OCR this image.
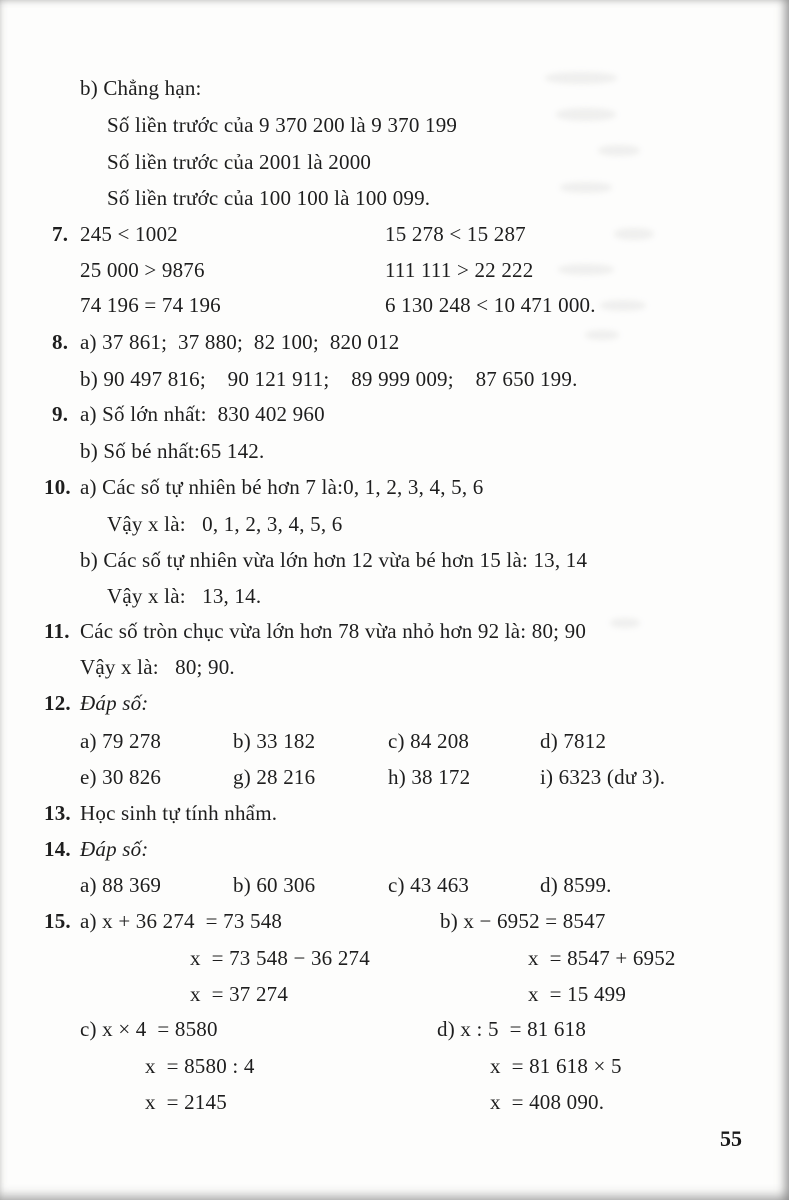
b) Chẳng hạn:
Số liền trước của 9 370 200 là 9 370 199
Số liền trước của 2001 là 2000
Số liền trước của 100 100 là 100 099.
7. 245 < 1002	15 278 < 15 287
25 000 > 9876	111 111 > 22 222
74 196 = 74 196	6 130 248 < 10 471 000.
8. a) 37 861;  37 880;  82 100;  820 012
b) 90 497 816;    90 121 911;    89 999 009;    87 650 199.
9. a) Số lớn nhất:  830 402 960
b) Số bé nhất:65 142.
10. a) Các số tự nhiên bé hơn 7 là:0, 1, 2, 3, 4, 5, 6
Vậy x là:   0, 1, 2, 3, 4, 5, 6
b) Các số tự nhiên vừa lớn hơn 12 vừa bé hơn 15 là: 13, 14
Vậy x là:   13, 14.
11. Các số tròn chục vừa lớn hơn 78 vừa nhỏ hơn 92 là: 80; 90
Vậy x là:   80; 90.
12. Đáp số:
a) 79 278	b) 33 182	c) 84 208	d) 7812
e) 30 826	g) 28 216	h) 38 172	i) 6323 (dư 3).
13. Học sinh tự tính nhẩm.
14. Đáp số:
a) 88 369	b) 60 306	c) 43 463	d) 8599.
15. a) x + 36 274  = 73 548	b) x − 6952 = 8547
x  = 73 548 − 36 274	x  = 8547 + 6952
x  = 37 274	x  = 15 499
c) x × 4  = 8580	d) x : 5  = 81 618
x  = 8580 : 4	x  = 81 618 × 5
x  = 2145	x  = 408 090.
55
